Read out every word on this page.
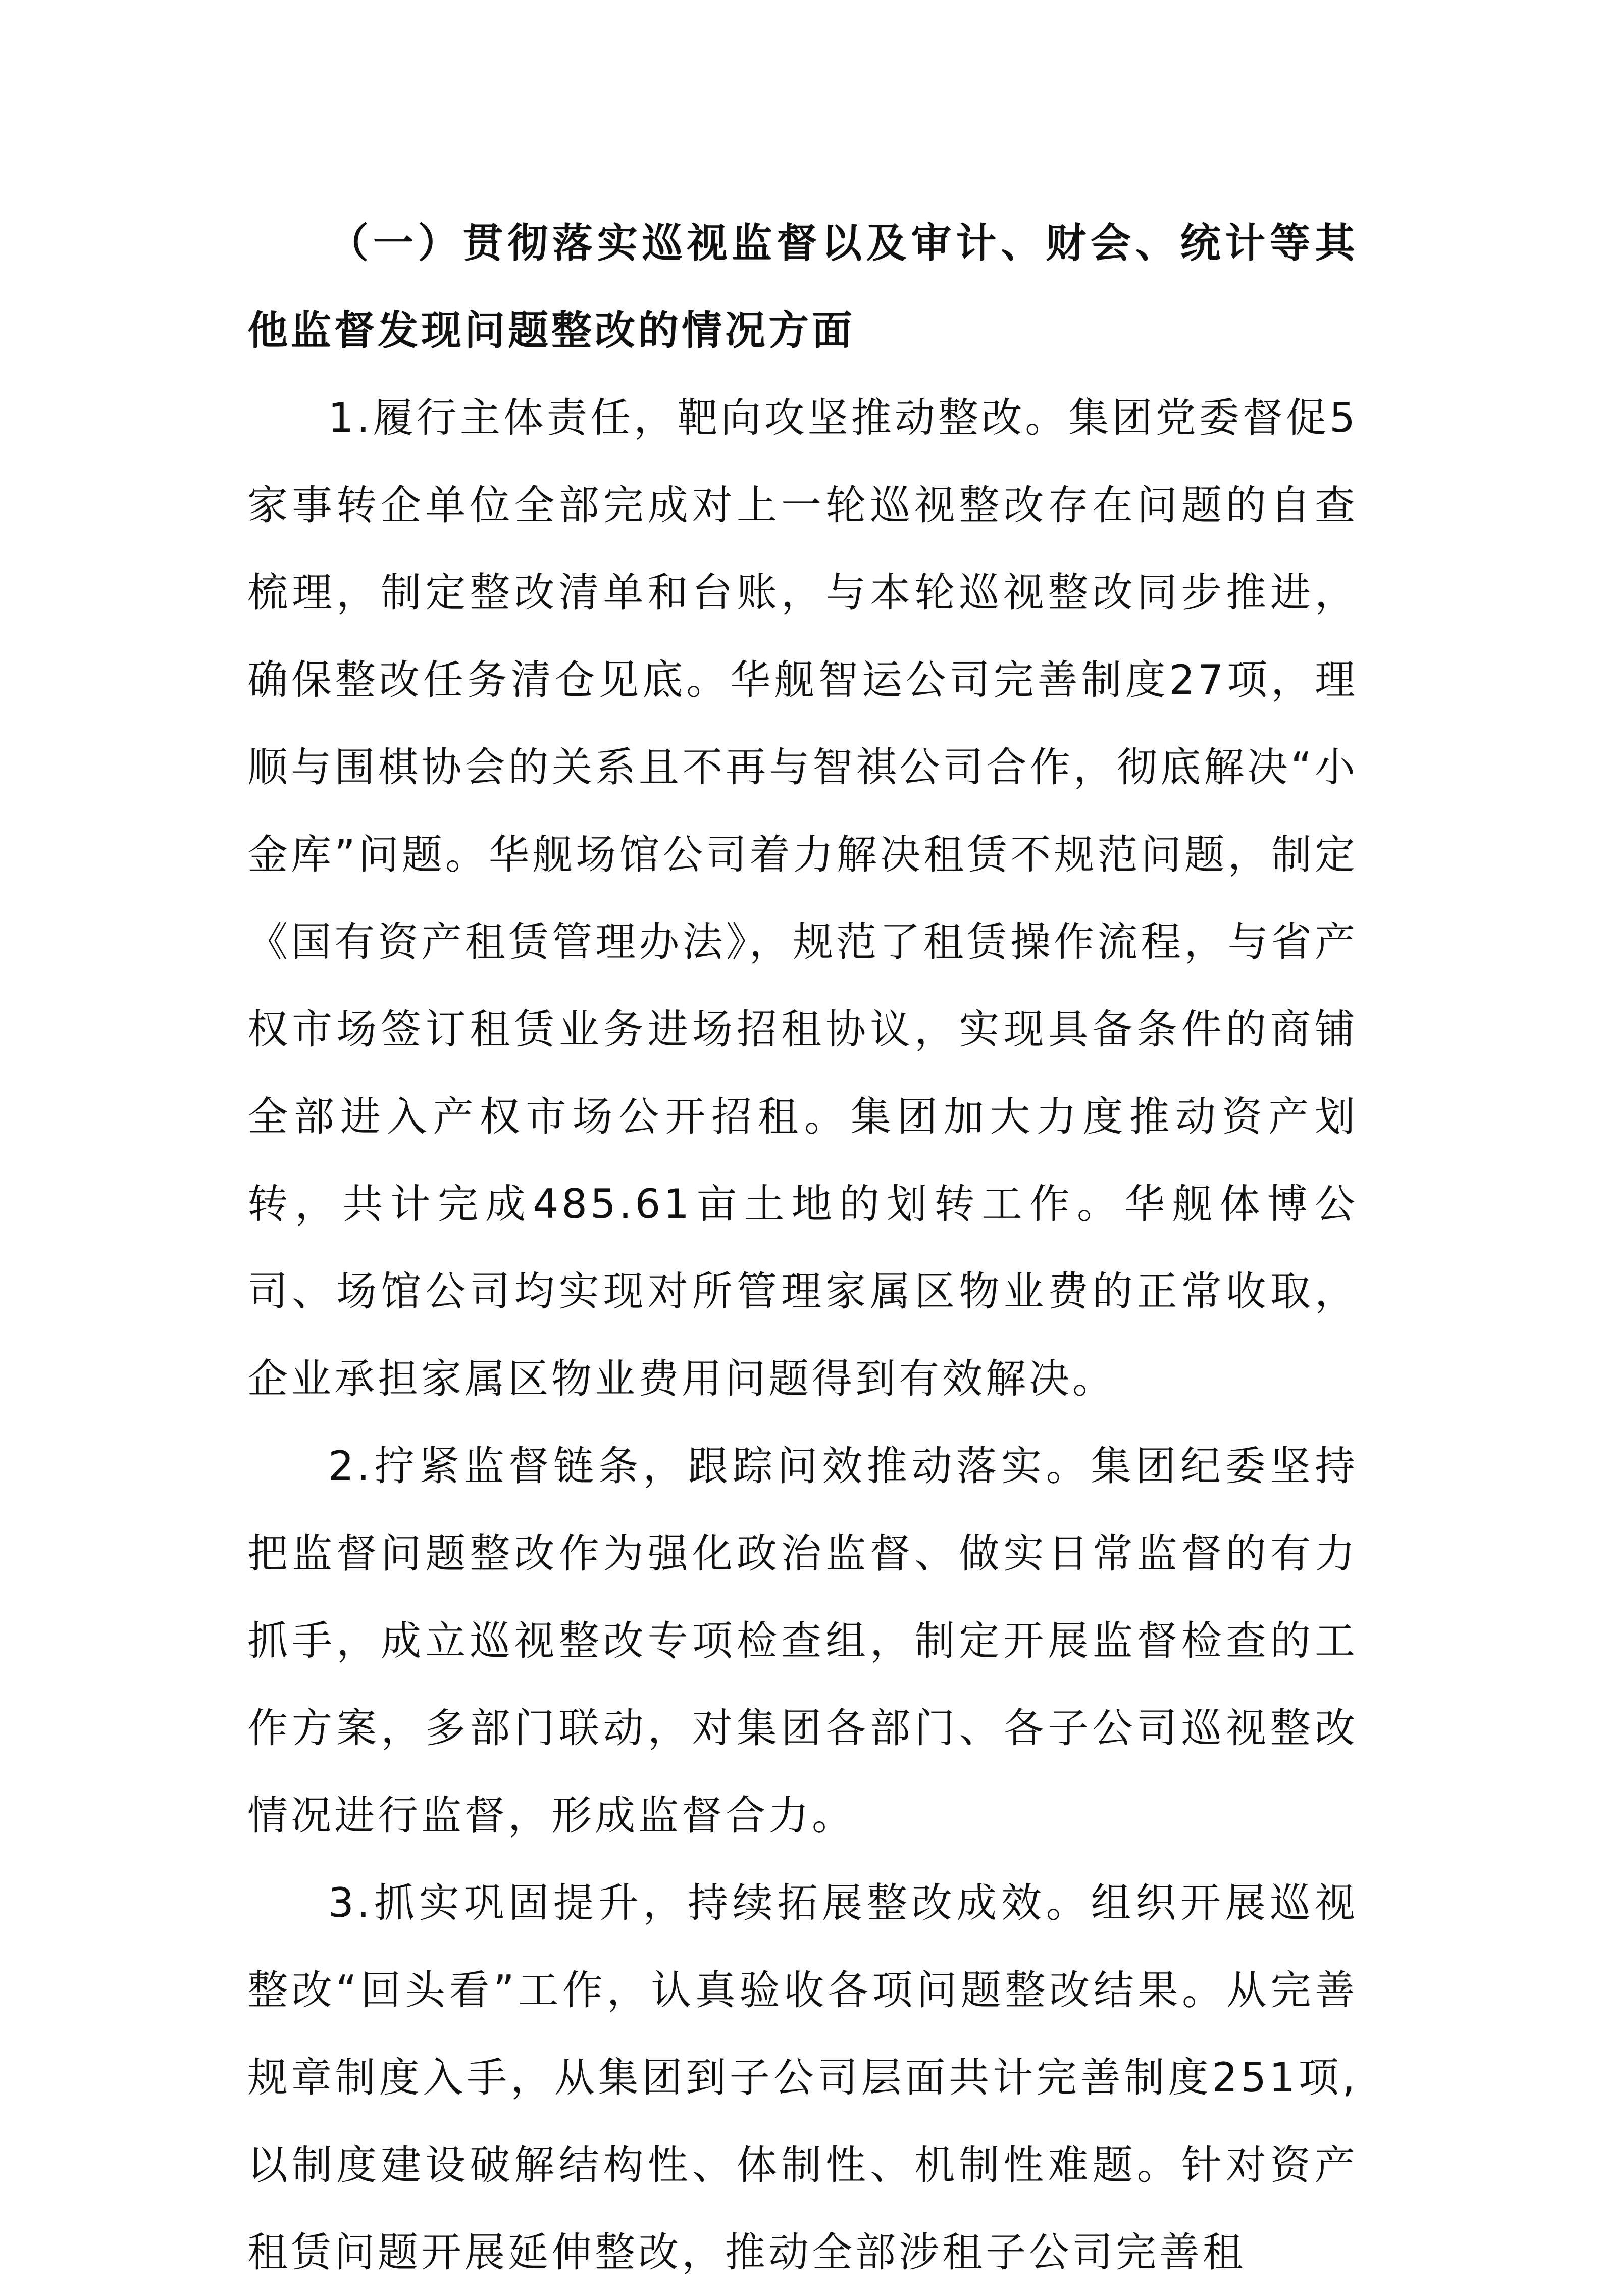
（一）贯彻落实巡视监督以及审计、财会、统计等其他监督发现问题整改的情况方面

1.履行主体责任，靶向攻坚推动整改。集团党委督促5家事转企单位全部完成对上一轮巡视整改存在问题的自查梳理，制定整改清单和台账，与本轮巡视整改同步推进，确保整改任务清仓见底。华舰智运公司完善制度27项，理顺与围棋协会的关系且不再与智祺公司合作，彻底解决“小金库”问题。华舰场馆公司着力解决租赁不规范问题，制定《国有资产租赁管理办法》，规范了租赁操作流程，与省产权市场签订租赁业务进场招租协议，实现具备条件的商铺全部进入产权市场公开招租。集团加大力度推动资产划转，共计完成485.61亩土地的划转工作。华舰体博公司、场馆公司均实现对所管理家属区物业费的正常收取，企业承担家属区物业费用问题得到有效解决。

2.拧紧监督链条，跟踪问效推动落实。集团纪委坚持把监督问题整改作为强化政治监督、做实日常监督的有力抓手，成立巡视整改专项检查组，制定开展监督检查的工作方案，多部门联动，对集团各部门、各子公司巡视整改情况进行监督，形成监督合力。

3.抓实巩固提升，持续拓展整改成效。组织开展巡视整改“回头看”工作，认真验收各项问题整改结果。从完善规章制度入手，从集团到子公司层面共计完善制度251项,以制度建设破解结构性、体制性、机制性难题。针对资产租赁问题开展延伸整改，推动全部涉租子公司完善租
